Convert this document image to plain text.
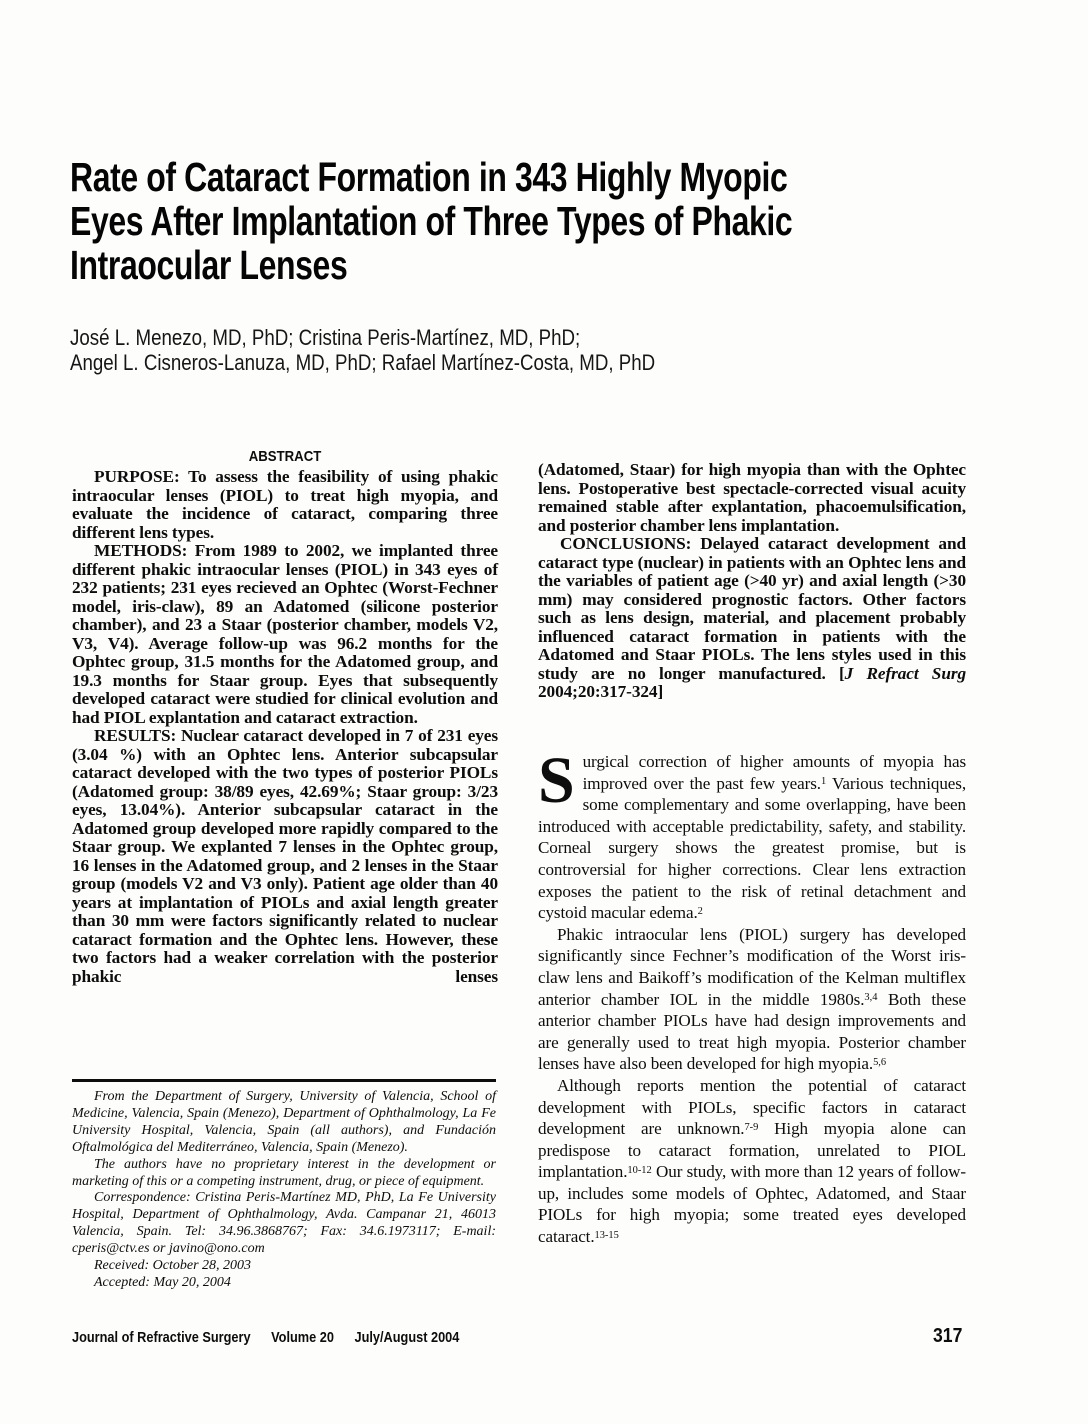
Rate of Cataract Formation in 343 Highly Myopic
Eyes After Implantation of Three Types of Phakic
Intraocular Lenses
José L. Menezo, MD, PhD; Cristina Peris-Martínez, MD, PhD;
Angel L. Cisneros-Lanuza, MD, PhD; Rafael Martínez-Costa, MD, PhD
ABSTRACT

PURPOSE: To assess the feasibility of using phakic intraocular lenses (PIOL) to treat high myopia, and evaluate the incidence of cataract, comparing three different lens types.

METHODS: From 1989 to 2002, we implanted three different phakic intraocular lenses (PIOL) in 343 eyes of 232 patients; 231 eyes recieved an Ophtec (Worst-Fechner model, iris-claw), 89 an Adatomed (silicone posterior chamber), and 23 a Staar (posterior chamber, models V2, V3, V4). Average follow-up was 96.2 months for the Ophtec group, 31.5 months for the Adatomed group, and 19.3 months for Staar group. Eyes that subsequently developed cataract were studied for clinical evolution and had PIOL explantation and cataract extraction.

RESULTS: Nuclear cataract developed in 7 of 231 eyes (3.04 %) with an Ophtec lens. Anterior subcapsular cataract developed with the two types of posterior PIOLs (Adatomed group: 38/89 eyes, 42.69%; Staar group: 3/23 eyes, 13.04%). Anterior subcapsular cataract in the Adatomed group developed more rapidly compared to the Staar group. We explanted 7 lenses in the Ophtec group, 16 lenses in the Adatomed group, and 2 lenses in the Staar group (models V2 and V3 only). Patient age older than 40 years at implantation of PIOLs and axial length greater than 30 mm were factors significantly related to nuclear cataract formation and the Ophtec lens. However, these two factors had a weaker correlation with the posterior phakic lenses

(Adatomed, Staar) for high myopia than with the Ophtec lens. Postoperative best spectacle-corrected visual acuity remained stable after explantation, phacoemulsification, and posterior chamber lens implantation.

CONCLUSIONS: Delayed cataract development and cataract type (nuclear) in patients with an Ophtec lens and the variables of patient age (>40 yr) and axial length (>30 mm) may considered prognostic factors. Other factors such as lens design, material, and placement probably influenced cataract formation in patients with the Adatomed and Staar PIOLs. The lens styles used in this study are no longer manufactured. [J Refract Surg 2004;20:317-324]

Surgical correction of higher amounts of myopia has improved over the past few years.$^1$ Various techniques, some complementary and some overlapping, have been introduced with acceptable predictability, safety, and stability. Corneal surgery shows the greatest promise, but is controversial for higher corrections. Clear lens extraction exposes the patient to the risk of retinal detachment and cystoid macular edema.$^2$

Phakic intraocular lens (PIOL) surgery has developed significantly since Fechner’s modification of the Worst iris-claw lens and Baikoff’s modification of the Kelman multiflex anterior chamber IOL in the middle 1980s.$^{3,4}$ Both these anterior chamber PIOLs have had design improvements and are generally used to treat high myopia. Posterior chamber lenses have also been developed for high myopia.$^{5,6}$

Although reports mention the potential of cataract development with PIOLs, specific factors in cataract development are unknown.$^{7-9}$ High myopia alone can predispose to cataract formation, unrelated to PIOL implantation.$^{10-12}$ Our study, with more than 12 years of follow-up, includes some models of Ophtec, Adatomed, and Staar PIOLs for high myopia; some treated eyes developed cataract.$^{13-15}$

From the Department of Surgery, University of Valencia, School of Medicine, Valencia, Spain (Menezo), Department of Ophthalmology, La Fe University Hospital, Valencia, Spain (all authors), and Fundación Oftalmológica del Mediterráneo, Valencia, Spain (Menezo).

The authors have no proprietary interest in the development or marketing of this or a competing instrument, drug, or piece of equipment.

Correspondence: Cristina Peris-Martínez MD, PhD, La Fe University Hospital, Department of Ophthalmology, Avda. Campanar 21, 46013 Valencia, Spain. Tel: 34.96.3868767; Fax: 34.6.1973117; E-mail: cperis@ctv.es or javino@ono.com

Received: October 28, 2003

Accepted: May 20, 2004

Journal of Refractive Surgery Volume 20 July/August 2004	317
